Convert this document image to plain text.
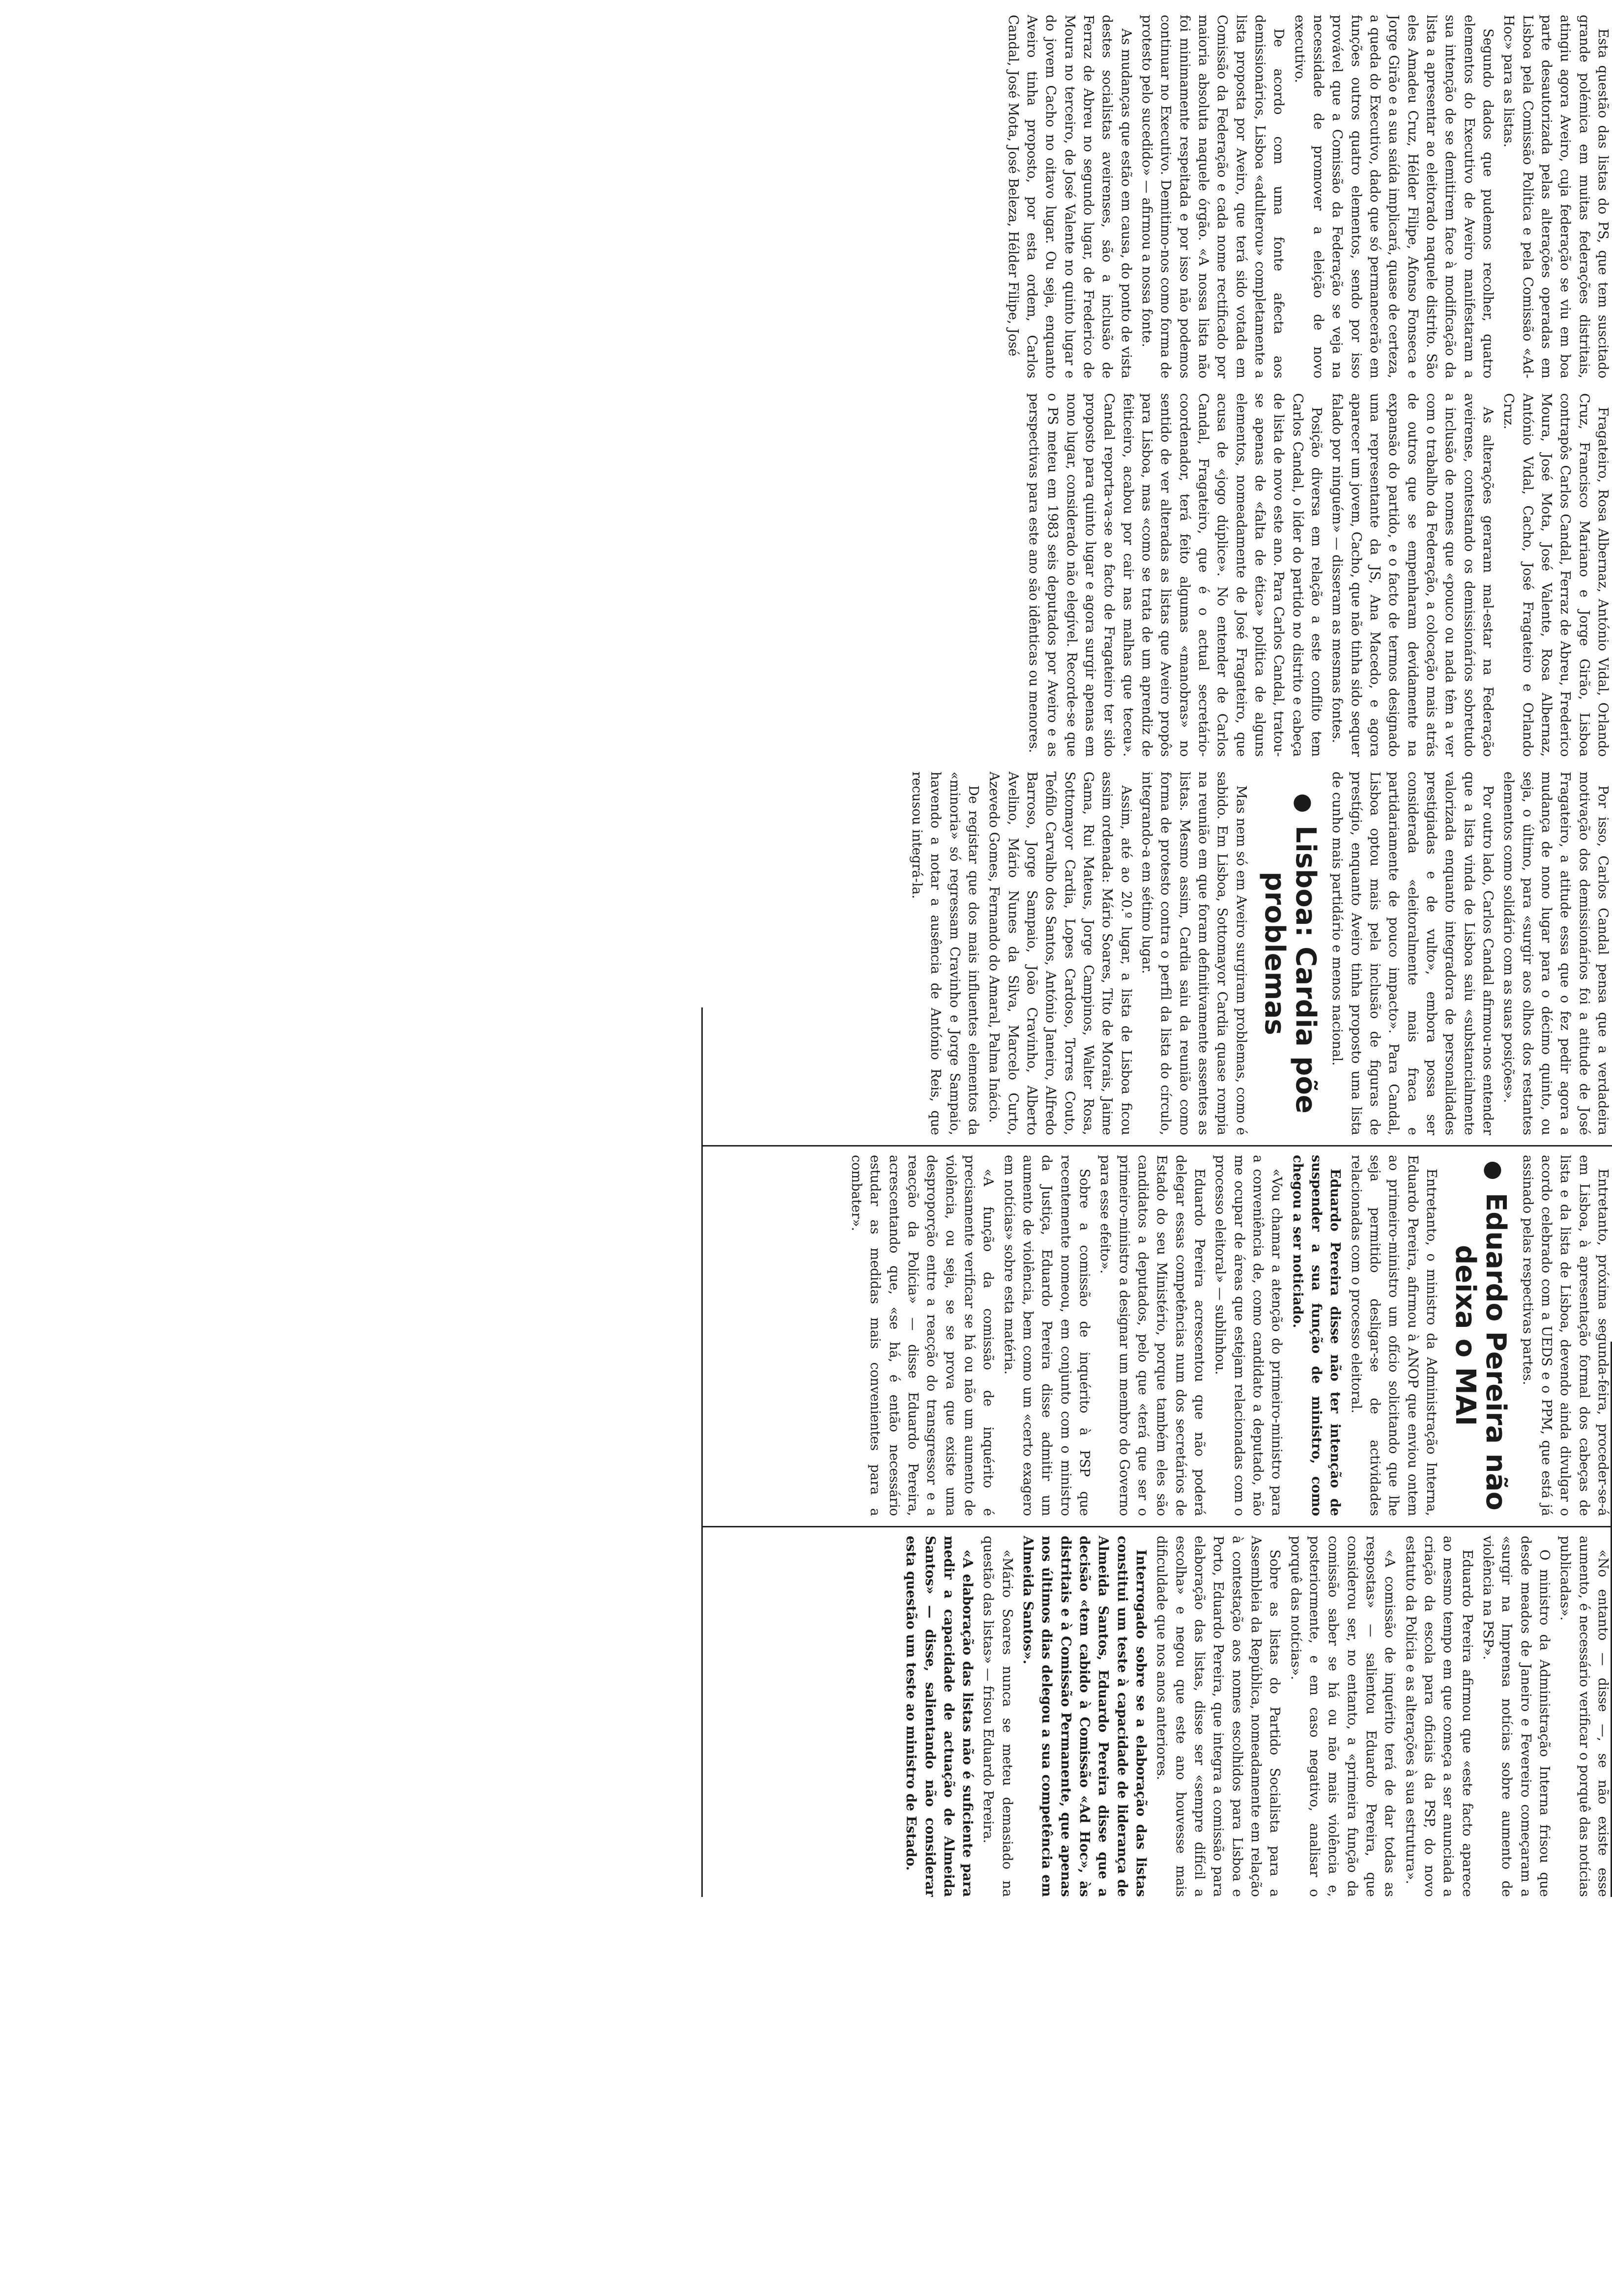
«No entanto — disse —, se não existe esse aumento, é necessário verificar o porquê das notícias publicadas».

O ministro da Administração Interna frisou que desde meados de Janeiro e Fevereiro começaram a «surgir na Imprensa notícias sobre aumento de violência na PSP».

Eduardo Pereira afirmou que «este facto aparece ao mesmo tempo em que começa a ser anunciada a criação da escola para oficiais da PSP, do novo estatuto da Polícia e as alterações à sua estrutura».

«A comissão de inquérito terá de dar todas as respostas» — salientou Eduardo Pereira, que considerou ser, no entanto, a «primeira função da comissão saber se há ou não mais violência e, posteriormente, e em caso negativo, analisar o porquê das notícias».

Sobre as listas do Partido Socialista para a Assembleia da República, nomeadamente em relação à contestação aos nomes escolhidos para Lisboa e Porto, Eduardo Pereira, que integra a comissão para elaboração das listas, disse ser «sempre difícil a escolha» e negou que este ano houvesse mais dificuldade que nos anos anteriores.

Interrogado sobre se a elaboração das listas constitui um teste à capacidade de liderança de Almeida Santos, Eduardo Pereira disse que a decisão «tem cabido à Comissão «Ad Hoc», às distritais e à Comissão Permanente, que apenas nos últimos dias delegou a sua competência em Almeida Santos».

«Mário Soares nunca se meteu demasiado na questão das listas» — frisou Eduardo Pereira.

«A elaboração das listas não é suficiente para medir a capacidade de actuação de Almeida Santos» — disse, salientando não considerar esta questão um teste ao ministro de Estado.

Entretanto, próxima segunda-feira, proceder-se-á em Lisboa, à apresentação formal dos cabeças de lista e da lista de Lisboa, devendo ainda divulgar o acordo celebrado com a UEDS e o PPM, que está já assinado pelas respectivas partes.

● Eduardo Pereira não deixa o MAI

Entretanto, o ministro da Administração Interna, Eduardo Pereira, afirmou à ANOP que enviou ontem ao primeiro-ministro um ofício solicitando que lhe seja permitido desligar-se de actividades relacionadas com o processo eleitoral.

Eduardo Pereira disse não ter intenção de suspender a sua função de ministro, como chegou a ser noticiado.

«Vou chamar a atenção do primeiro-ministro para a conveniência de, como candidato a deputado, não me ocupar de áreas que estejam relacionadas com o processo eleitoral» — sublinhou.

Eduardo Pereira acrescentou que não poderá delegar essas competências num dos secretários de Estado do seu Ministério, porque também eles são candidatos a deputados, pelo que «terá que ser o primeiro-ministro a designar um membro do Governo para esse efeito».

Sobre a comissão de inquérito à PSP que recentemente nomeou, em conjunto com o ministro da Justiça, Eduardo Pereira disse admitir um aumento de violência, bem como um «certo exagero em notícias» sobre esta matéria.

«A função da comissão de inquérito é precisamente verificar se há ou não um aumento de violência, ou seja, se se prova que existe uma desproporção entre a reacção do transgressor e a reacção da Polícia» — disse Eduardo Pereira, acrescentando que, «se há, é então necessário estudar as medidas mais convenientes para a combater».

Por isso, Carlos Candal pensa que a verdadeira motivação dos demissionários foi a atitude de José Fragateiro, a atitude essa que o fez pedir agora a mudança de nono lugar para o décimo quinto, ou seja, o último, para «surgir aos olhos dos restantes elementos como solidário com as suas posições».

Por outro lado, Carlos Candal afirmou-nos entender que a lista vinda de Lisboa saiu «substancialmente valorizada enquanto integradora de personalidades prestigiadas e de vulto», embora possa ser considerada «eleitoralmente mais fraca e partidariamente de pouco impacto». Para Candal, Lisboa optou mais pela inclusão de figuras de prestígio, enquanto Aveiro tinha proposto uma lista de cunho mais partidário e menos nacional.

● Lisboa: Cardia põe problemas

Mas nem só em Aveiro surgiram problemas, como é sabido. Em Lisboa, Sottomayor Cardia quase rompia na reunião em que foram definitivamente assentes as listas. Mesmo assim, Cardia saiu da reunião como forma de protesto contra o perfil da lista do círculo, integrando-a em sétimo lugar.

Assim, até ao 20.º lugar, a lista de Lisboa ficou assim ordenada: Mário Soares, Tito de Morais, Jaime Gama, Rui Mateus, Jorge Campinos, Walter Rosa, Sottomayor Cardia, Lopes Cardoso, Torres Couto, Teófilo Carvalho dos Santos, António Janeiro, Alfredo Barroso, Jorge Sampaio, João Cravinho, Alberto Avelino, Mário Nunes da Silva, Marcelo Curto, Azevedo Gomes, Fernando do Amaral, Palma Inácio.

De registar que dos mais influentes elementos da «minoria» só regressam Cravinho e Jorge Sampaio, havendo a notar a ausência de António Reis, que recusou integrá-la.

Fragateiro, Rosa Albernaz, António Vidal, Orlando Cruz, Francisco Mariano e Jorge Girão, Lisboa contrapôs Carlos Candal, Ferraz de Abreu, Frederico Moura, José Mota, José Valente, Rosa Albernaz, António Vidal, Cacho, José Fragateiro e Orlando Cruz.

As alterações geraram mal-estar na Federação aveirense, contestando os demissionários sobretudo a inclusão de nomes que «pouco ou nada têm a ver com o trabalho da Federação, a colocação mais atrás de outros que se empenharam devidamente na expansão do partido, e o facto de termos designado uma representante da JS, Ana Macedo, e agora aparecer um jovem, Cacho, que não tinha sido sequer falado por ninguém» — disseram as mesmas fontes.

Posição diversa em relação a este conflito tem Carlos Candal, o líder do partido no distrito e cabeça de lista de novo este ano. Para Carlos Candal, tratou-se apenas de «falta de ética» política de alguns elementos, nomeadamente de José Fragateiro, que acusa de «jogo dúplice». No entender de Carlos Candal, Fragateiro, que é o actual secretário-coordenador, terá feito algumas «manobras» no sentido de ver alteradas as listas que Aveiro propôs para Lisboa, mas «como se trata de um aprendiz de feiticeiro, acabou por cair nas malhas que teceu». Candal reporta-va-se ao facto de Fragateiro ter sido proposto para quinto lugar e agora surgir apenas em nono lugar, considerado não elegível. Recorde-se que o PS meteu em 1983 seis deputados por Aveiro e as perspectivas para este ano são idênticas ou menores.

Esta questão das listas do PS, que tem suscitado grande polémica em muitas federações distritais, atingiu agora Aveiro, cuja federação se viu em boa parte desautorizada pelas alterações operadas em Lisboa pela Comissão Política e pela Comissão «Ad-Hoc» para as listas.

Segundo dados que pudemos recolher, quatro elementos do Executivo de Aveiro manifestaram a sua intenção de se demitirem face à modificação da lista a apresentar ao eleitorado naquele distrito. São eles Amadeu Cruz, Hélder Filipe, Afonso Fonseca e Jorge Girão e a sua saída implicará, quase de certeza, a queda do Executivo, dado que só permanecerão em funções outros quatro elementos, sendo por isso provável que a Comissão da Federação se veja na necessidade de promover a eleição de novo executivo.

De acordo com uma fonte afecta aos demissionários, Lisboa «adulterou» completamente a lista proposta por Aveiro, que terá sido votada em Comissão da Federação e cada nome rectificado por maioria absoluta naquele órgão. «A nossa lista não foi minimamente respeitada e por isso não podemos continuar no Executivo. Demitimo-nos como forma de protesto pelo sucedido» — afirmou a nossa fonte.

As mudanças que estão em causa, do ponto de vista destes socialistas aveirenses, são a inclusão de Ferraz de Abreu no segundo lugar, de Frederico de Moura no terceiro, de José Valente no quinto lugar e do jovem Cacho no oitavo lugar. Ou seja, enquanto Aveiro tinha proposto, por esta ordem, Carlos Candal, José Mota, José Beleza, Hélder Filipe, José
